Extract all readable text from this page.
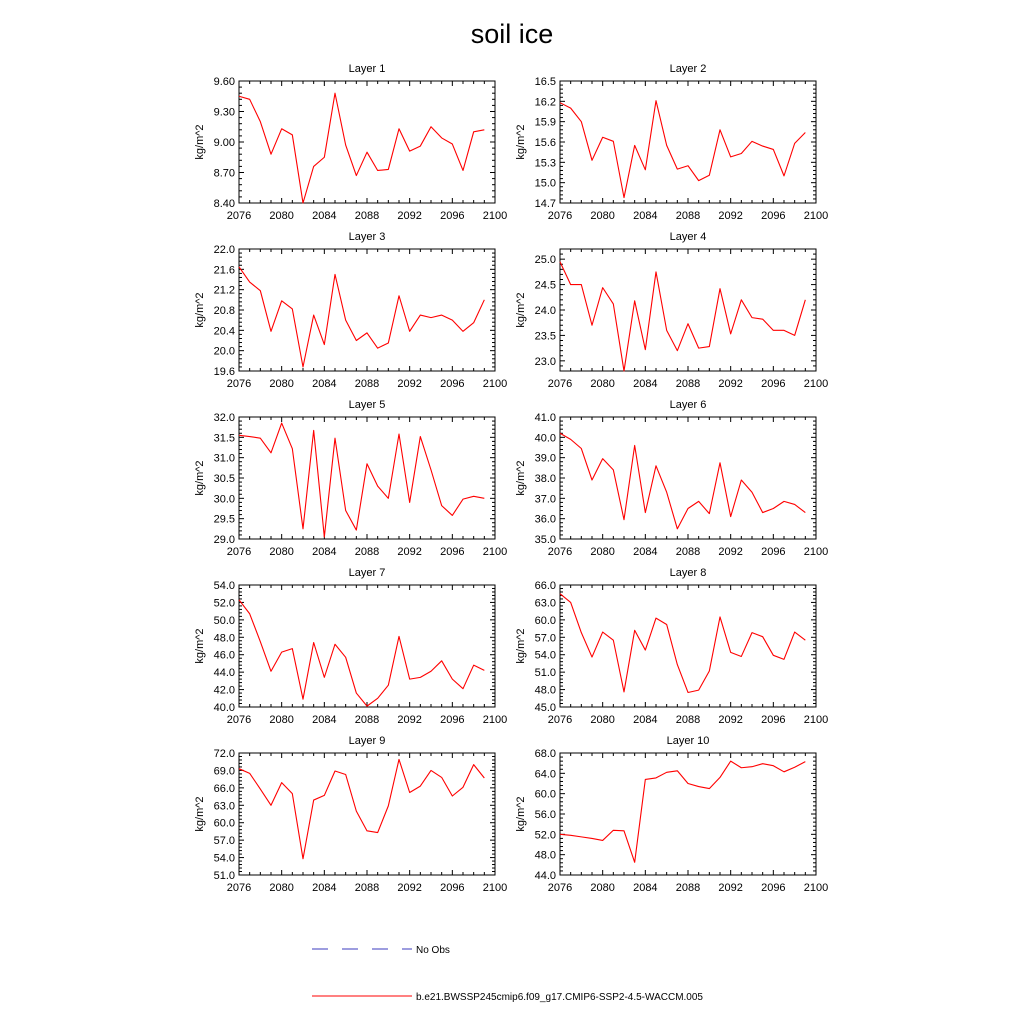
soil ice
Layer 1
2076 2080 2084 2088 2092 2096 2100
8.40
8.70
9.00
9.30
9.60
kg/m^2
Layer 2
2076 2080 2084 2088 2092 2096 2100
14.7
15.0
15.3
15.6
15.9
16.2
16.5
kg/m^2
Layer 3
2076 2080 2084 2088 2092 2096 2100
19.6
20.0
20.4
20.8
21.2
21.6
22.0
kg/m^2
Layer 4
2076 2080 2084 2088 2092 2096 2100
23.0
23.5
24.0
24.5
25.0
kg/m^2
Layer 5
2076 2080 2084 2088 2092 2096 2100
29.0
29.5
30.0
30.5
31.0
31.5
32.0
kg/m^2
Layer 6
2076 2080 2084 2088 2092 2096 2100
35.0
36.0
37.0
38.0
39.0
40.0
41.0
kg/m^2
Layer 7
2076 2080 2084 2088 2092 2096 2100
40.0
42.0
44.0
46.0
48.0
50.0
52.0
54.0
kg/m^2
Layer 8
2076 2080 2084 2088 2092 2096 2100
45.0
48.0
51.0
54.0
57.0
60.0
63.0
66.0
kg/m^2
Layer 9
2076 2080 2084 2088 2092 2096 2100
51.0
54.0
57.0
60.0
63.0
66.0
69.0
72.0
kg/m^2
Layer 10
2076 2080 2084 2088 2092 2096 2100
44.0
48.0
52.0
56.0
60.0
64.0
68.0
kg/m^2
No Obs
b.e21.BWSSP245cmip6.f09_g17.CMIP6-SSP2-4.5-WACCM.005
